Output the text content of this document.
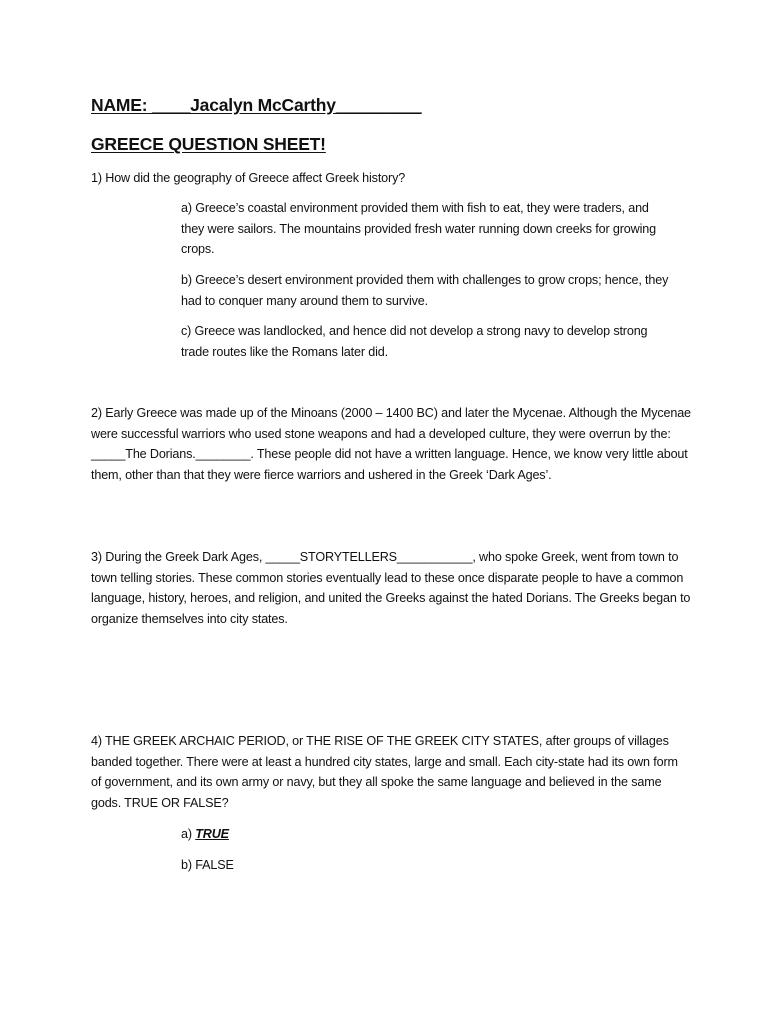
NAME: ____Jacalyn McCarthy_________
GREECE QUESTION SHEET!
1) How did the geography of Greece affect Greek history?
a) Greece’s coastal environment provided them with fish to eat, they were traders, and they were sailors. The mountains provided fresh water running down creeks for growing crops.
b) Greece’s desert environment provided them with challenges to grow crops; hence, they had to conquer many around them to survive.
c) Greece was landlocked, and hence did not develop a strong navy to develop strong trade routes like the Romans later did.
2) Early Greece was made up of the Minoans (2000 – 1400 BC) and later the Mycenae. Although the Mycenae were successful warriors who used stone weapons and had a developed culture, they were overrun by the: _____The Dorians.________. These people did not have a written language. Hence, we know very little about them, other than that they were fierce warriors and ushered in the Greek ‘Dark Ages’.
3) During the Greek Dark Ages, _____STORYTELLERS___________, who spoke Greek, went from town to town telling stories. These common stories eventually lead to these once disparate people to have a common language, history, heroes, and religion, and united the Greeks against the hated Dorians. The Greeks began to organize themselves into city states.
4) THE GREEK ARCHAIC PERIOD, or THE RISE OF THE GREEK CITY STATES, after groups of villages banded together. There were at least a hundred city states, large and small. Each city-state had its own form of government, and its own army or navy, but they all spoke the same language and believed in the same gods. TRUE OR FALSE?
a) TRUE
b) FALSE
